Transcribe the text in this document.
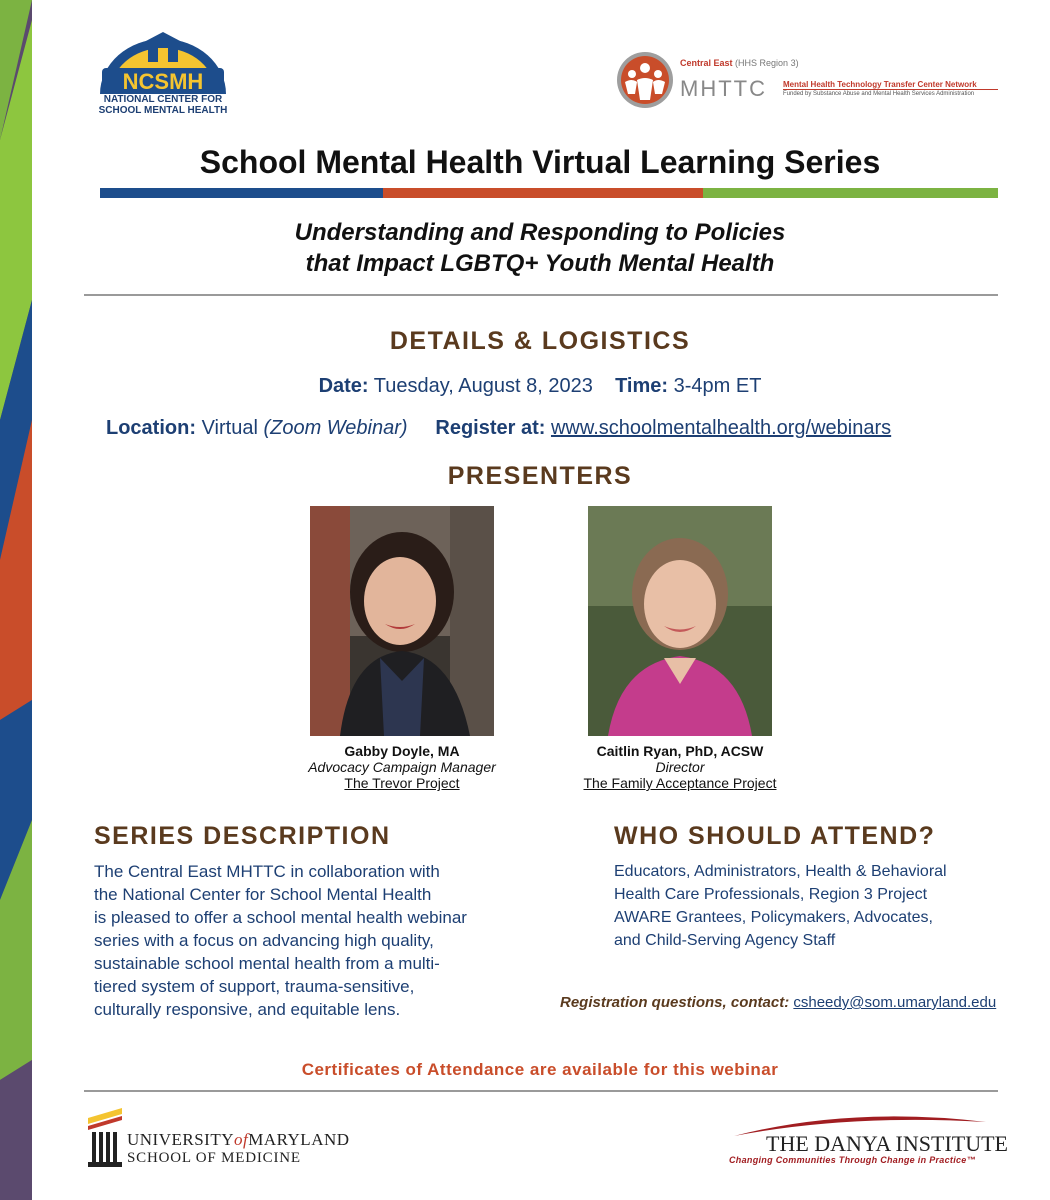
NCSMH
NATIONAL CENTER FOR
SCHOOL MENTAL HEALTH
Central East (HHS Region 3)
MHTTC Mental Health Technology Transfer Center Network
Funded by Substance Abuse and Mental Health Services Administration
School Mental Health Virtual Learning Series
Understanding and Responding to Policies
that Impact LGBTQ+ Youth Mental Health
DETAILS & LOGISTICS
Date: Tuesday, August 8, 2023 Time: 3-4pm ET
Location: Virtual (Zoom Webinar) Register at: www.schoolmentalhealth.org/webinars
PRESENTERS
Gabby Doyle, MA
Advocacy Campaign Manager
The Trevor Project
Caitlin Ryan, PhD, ACSW
Director
The Family Acceptance Project
SERIES DESCRIPTION
The Central East MHTTC in collaboration with
the National Center for School Mental Health
is pleased to offer a school mental health webinar
series with a focus on advancing high quality,
sustainable school mental health from a multi-
tiered system of support, trauma-sensitive,
culturally responsive, and equitable lens.
WHO SHOULD ATTEND?
Educators, Administrators, Health & Behavioral
Health Care Professionals, Region 3 Project
AWARE Grantees, Policymakers, Advocates,
and Child-Serving Agency Staff
Registration questions, contact: csheedy@som.umaryland.edu
Certificates of Attendance are available for this webinar
UNIVERSITYofMARYLAND
SCHOOL OF MEDICINE
THE DANYA INSTITUTE
Changing Communities Through Change in Practice™
